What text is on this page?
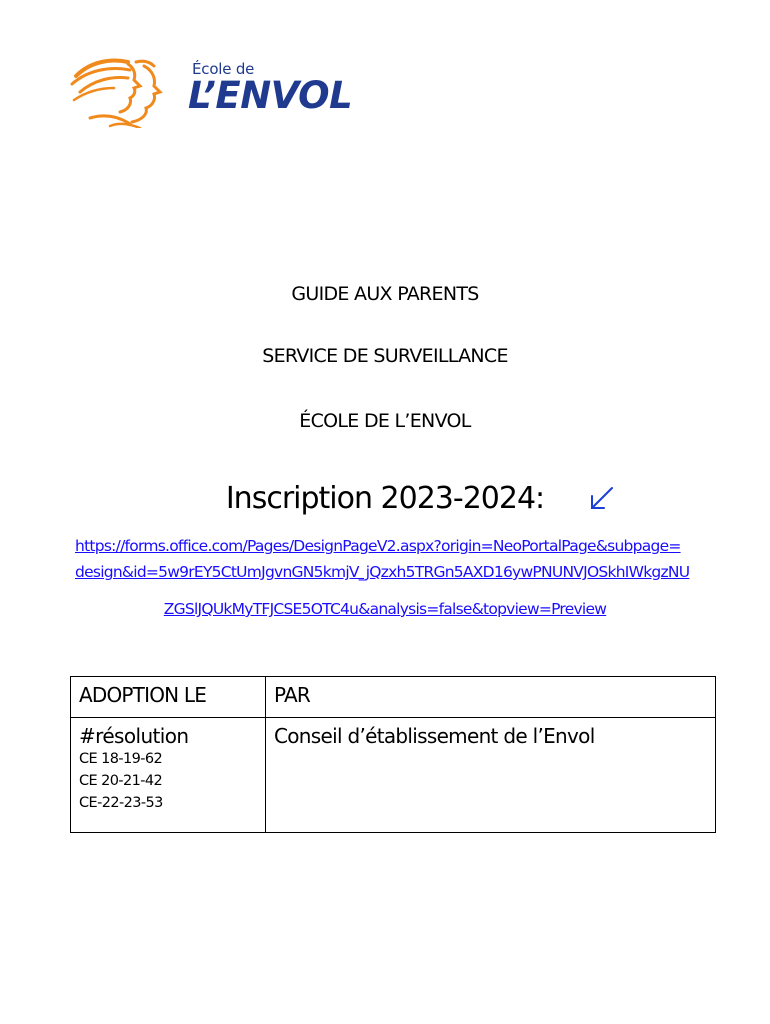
École de
L’ENVOL
GUIDE AUX PARENTS
SERVICE DE SURVEILLANCE
ÉCOLE DE L’ENVOL
Inscription 2023-2024:
https://forms.office.com/Pages/DesignPageV2.aspx?origin=NeoPortalPage&subpage=
design&id=5w9rEY5CtUmJgvnGN5kmjV_jQzxh5TRGn5AXD16ywPNUNVJOSkhIWkgzNU
ZGSlJQUkMyTFJCSE5OTC4u&analysis=false&topview=Preview
ADOPTION LE	PAR

#résolution
CE 18-19-62
CE 20-21-42
CE-22-23-53	Conseil d’établissement de l’Envol
